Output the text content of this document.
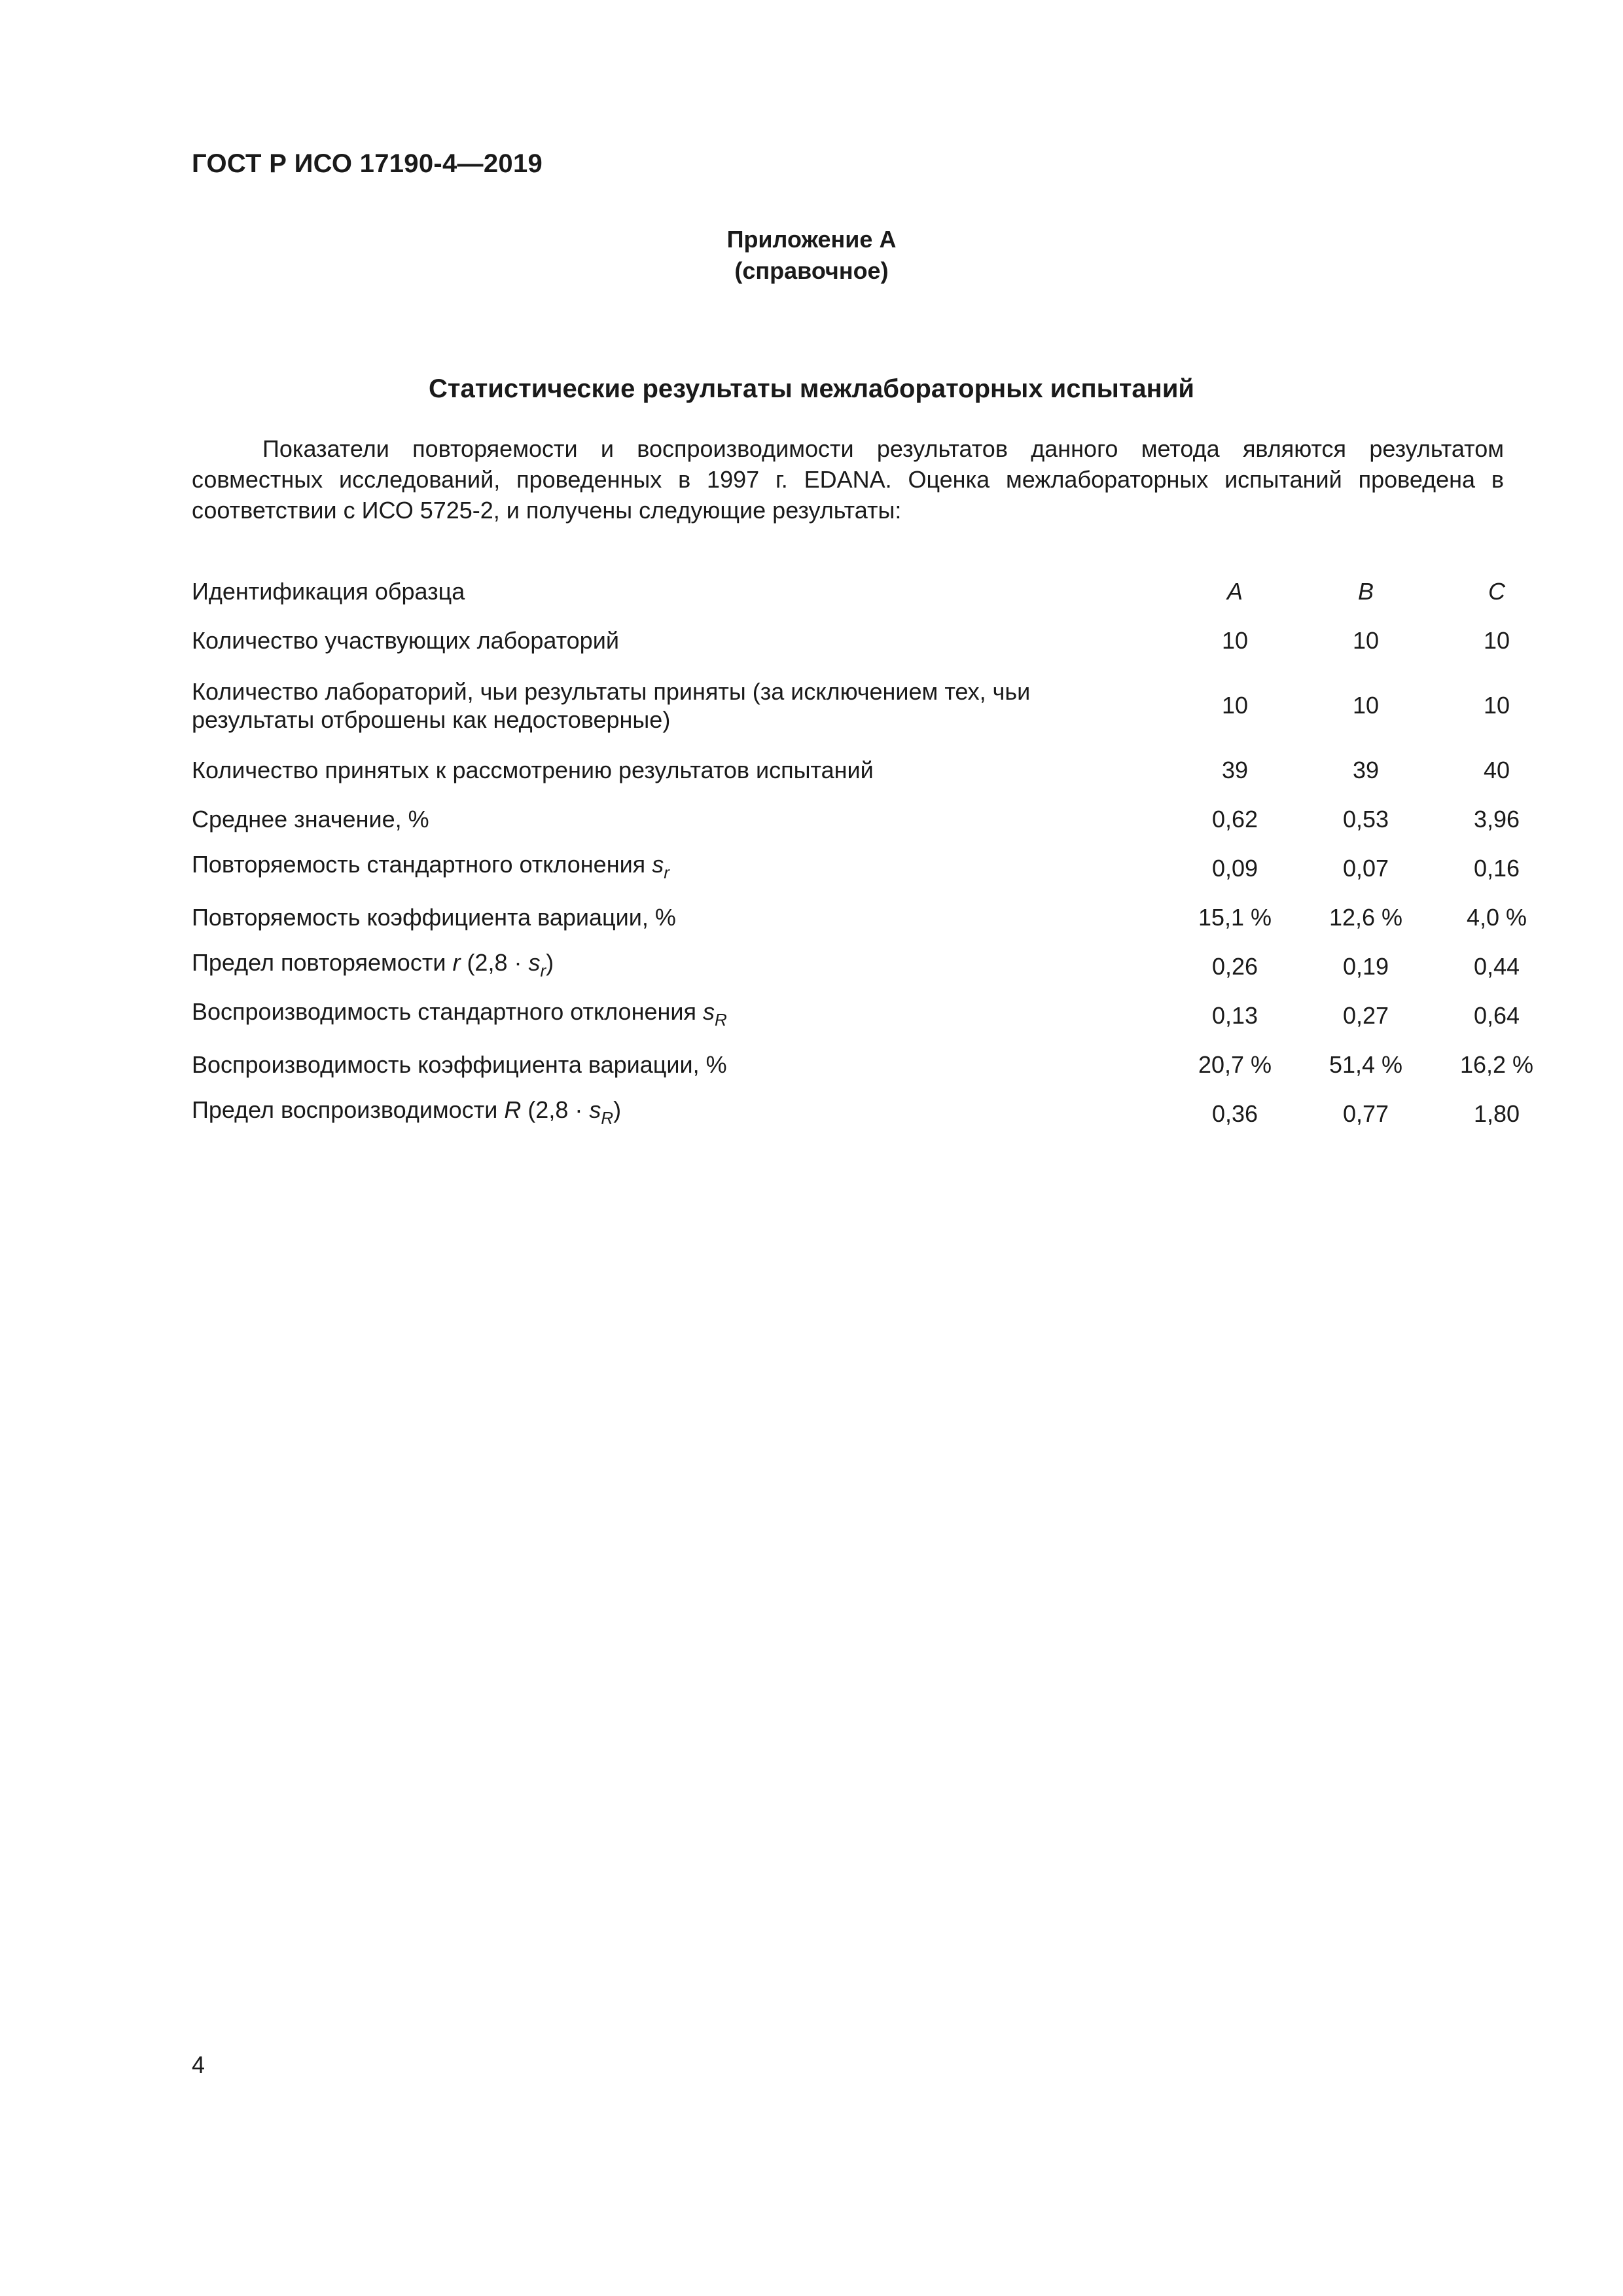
ГОСТ Р ИСО 17190-4—2019
Приложение А
(справочное)
Статистические результаты межлабораторных испытаний

Показатели повторяемости и воспроизводимости результатов данного метода являются результатом совместных исследований, проведенных в 1997 г. EDANA. Оценка межлабораторных испытаний проведена в соответствии с ИСО 5725-2, и получены следующие результаты:

Идентификация образца		A	B	C
Количество участвующих лабораторий		10	10	10
Количество лабораторий, чьи результаты приняты (за исключением тех, чьи результаты отброшены как недостоверные)		10	10	10
Количество принятых к рассмотрению результатов испытаний		39	39	40
Среднее значение, %		0,62	0,53	3,96
Повторяемость стандартного отклонения $s_r$		0,09	0,07	0,16
Повторяемость коэффициента вариации, %		15,1 %	12,6 %	4,0 %
Предел повторяемости r $(2,8 \cdot s_r)$		0,26	0,19	0,44
Воспроизводимость стандартного отклонения $s_R$		0,13	0,27	0,64
Воспроизводимость коэффициента вариации, %		20,7 %	51,4 %	16,2 %
Предел воспроизводимости R $(2,8 \cdot s_R)$		0,36	0,77	1,80
4
